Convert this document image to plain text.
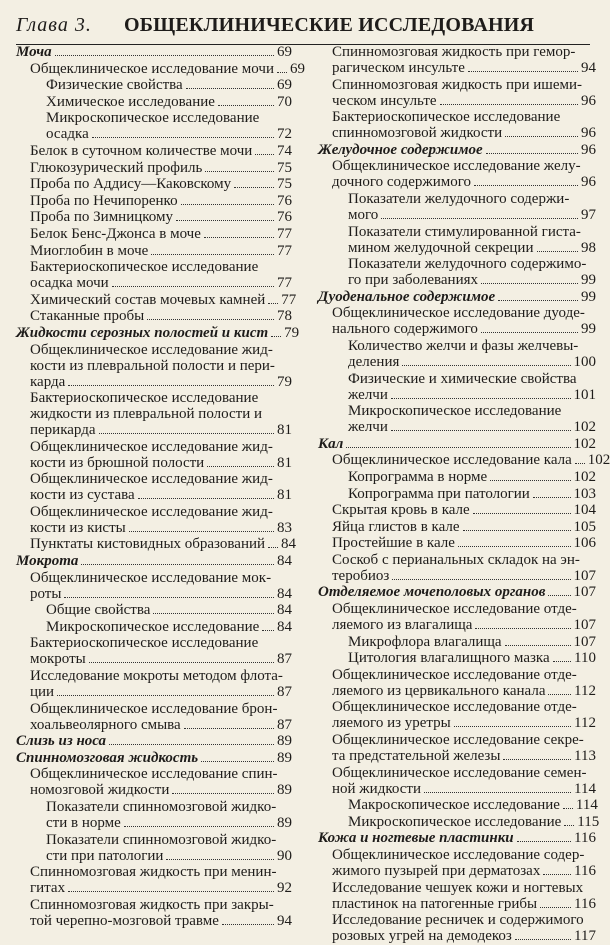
Глава 3. ОБЩЕКЛИНИЧЕСКИЕ ИССЛЕДОВАНИЯ
Моча	69
Общеклиническое исследование мочи 69
Физические свойства	69
Химическое исследование	70
Микроскопическое исследование
осадка	72
Белок в суточном количестве мочи 74
Глюкозурический профиль	75
Проба по Аддису—Каковскому	75
Проба по Нечипоренко	76
Проба по Зимницкому	76
Белок Бенс-Джонса в моче	77
Миоглобин в моче	77
Бактериоскопическое исследование
осадка мочи	77
Химический состав мочевых камней 77
Стаканные пробы	78
Жидкости серозных полостей и кист 79
Общеклиническое исследование жид-
кости из плевральной полости и пери-
карда	79
Бактериоскопическое исследование
жидкости из плевральной полости и
перикарда	81
Общеклиническое исследование жид-
кости из брюшной полости	81
Общеклиническое исследование жид-
кости из сустава	81
Общеклиническое исследование жид-
кости из кисты	83
Пунктаты кистовидных образований 84
Мокрота	84
Общеклиническое исследование мок-
роты	84
Общие свойства	84
Микроскопическое исследование 84
Бактериоскопическое исследование
мокроты	87
Исследование мокроты методом флота-
ции	87
Общеклиническое исследование брон-
хоальвеолярного смыва	87
Слизь из носа	89
Спинномозговая жидкость	89
Общеклиническое исследование спин-
номозговой жидкости	89
Показатели спинномозговой жидко-
сти в норме	89
Показатели спинномозговой жидко-
сти при патологии	90
Спинномозговая жидкость при менин-
гитах	92
Спинномозговая жидкость при закры-
той черепно-мозговой травме	94
Спинномозговая жидкость при гемор-
рагическом инсульте	94
Спинномозговая жидкость при ишеми-
ческом инсульте	96
Бактериоскопическое исследование
спинномозговой жидкости	96
Желудочное содержимое	96
Общеклиническое исследование желу-
дочного содержимого	96
Показатели желудочного содержи-
мого	97
Показатели стимулированной гиста-
мином желудочной секреции	98
Показатели желудочного содержимо-
го при заболеваниях	99
Дуоденальное содержимое	99
Общеклиническое исследование дуоде-
нального содержимого	99
Количество желчи и фазы желчевы-
деления	100
Физические и химические свойства
желчи	101
Микроскопическое исследование
желчи	102
Кал	102
Общеклиническое исследование кала 102
Копрограмма в норме	102
Копрограмма при патологии	103
Скрытая кровь в кале	104
Яйца глистов в кале	105
Простейшие в кале	106
Соскоб с перианальных складок на эн-
теробиоз	107
Отделяемое мочеполовых органов 107
Общеклиническое исследование отде-
ляемого из влагалища	107
Микрофлора влагалища	107
Цитология влагалищного мазка 110
Общеклиническое исследование отде-
ляемого из цервикального канала 112
Общеклиническое исследование отде-
ляемого из уретры	112
Общеклиническое исследование секре-
та предстательной железы	113
Общеклиническое исследование семен-
ной жидкости	114
Макроскопическое исследование 114
Микроскопическое исследование 115
Кожа и ногтевые пластинки	116
Общеклиническое исследование содер-
жимого пузырей при дерматозах 116
Исследование чешуек кожи и ногтевых
пластинок на патогенные грибы 116
Исследование ресничек и содержимого
розовых угрей на демодекоз	117
